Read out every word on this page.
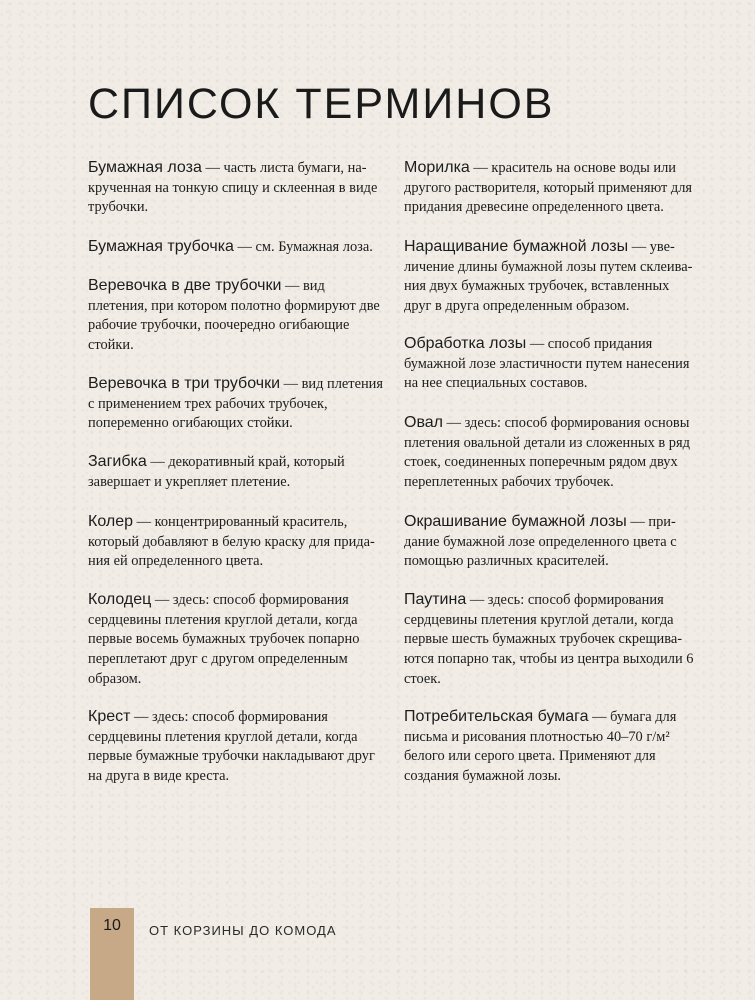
СПИСОК ТЕРМИНОВ

Бумажная лоза — часть листа бумаги, на-крученная на тонкую спицу и склеенная в виде трубочки.

Бумажная трубочка — см. Бумажная лоза.

Веревочка в две трубочки — вид плетения, при котором полотно формируют две рабочие трубочки, поочередно огибающие стойки.

Веревочка в три трубочки — вид плетения с применением трех рабочих трубочек, попеременно огибающих стойки.

Загибка — декоративный край, который завершает и укрепляет плетение.

Колер — концентрированный краситель, который добавляют в белую краску для прида-ния ей определенного цвета.

Колодец — здесь: способ формирования сердцевины плетения круглой детали, когда первые восемь бумажных трубочек попарно переплетают друг с другом определенным образом.

Крест — здесь: способ формирования сердцевины плетения круглой детали, когда первые бумажные трубочки накладывают друг на друга в виде креста.

Морилка — краситель на основе воды или другого растворителя, который применяют для придания древесине определенного цвета.

Наращивание бумажной лозы — уве-личение длины бумажной лозы путем склеива-ния двух бумажных трубочек, вставленных друг в друга определенным образом.

Обработка лозы — способ придания бумажной лозе эластичности путем нанесения на нее специальных составов.

Овал — здесь: способ формирования основы плетения овальной детали из сложенных в ряд стоек, соединенных поперечным рядом двух переплетенных рабочих трубочек.

Окрашивание бумажной лозы — при-дание бумажной лозе определенного цвета с помощью различных красителей.

Паутина — здесь: способ формирования сердцевины плетения круглой детали, когда первые шесть бумажных трубочек скрещива-ются попарно так, чтобы из центра выходили 6 стоек.

Потребительская бумага — бумага для письма и рисования плотностью 40–70 г/м² белого или серого цвета. Применяют для создания бумажной лозы.

10	ОТ КОРЗИНЫ ДО КОМОДА
